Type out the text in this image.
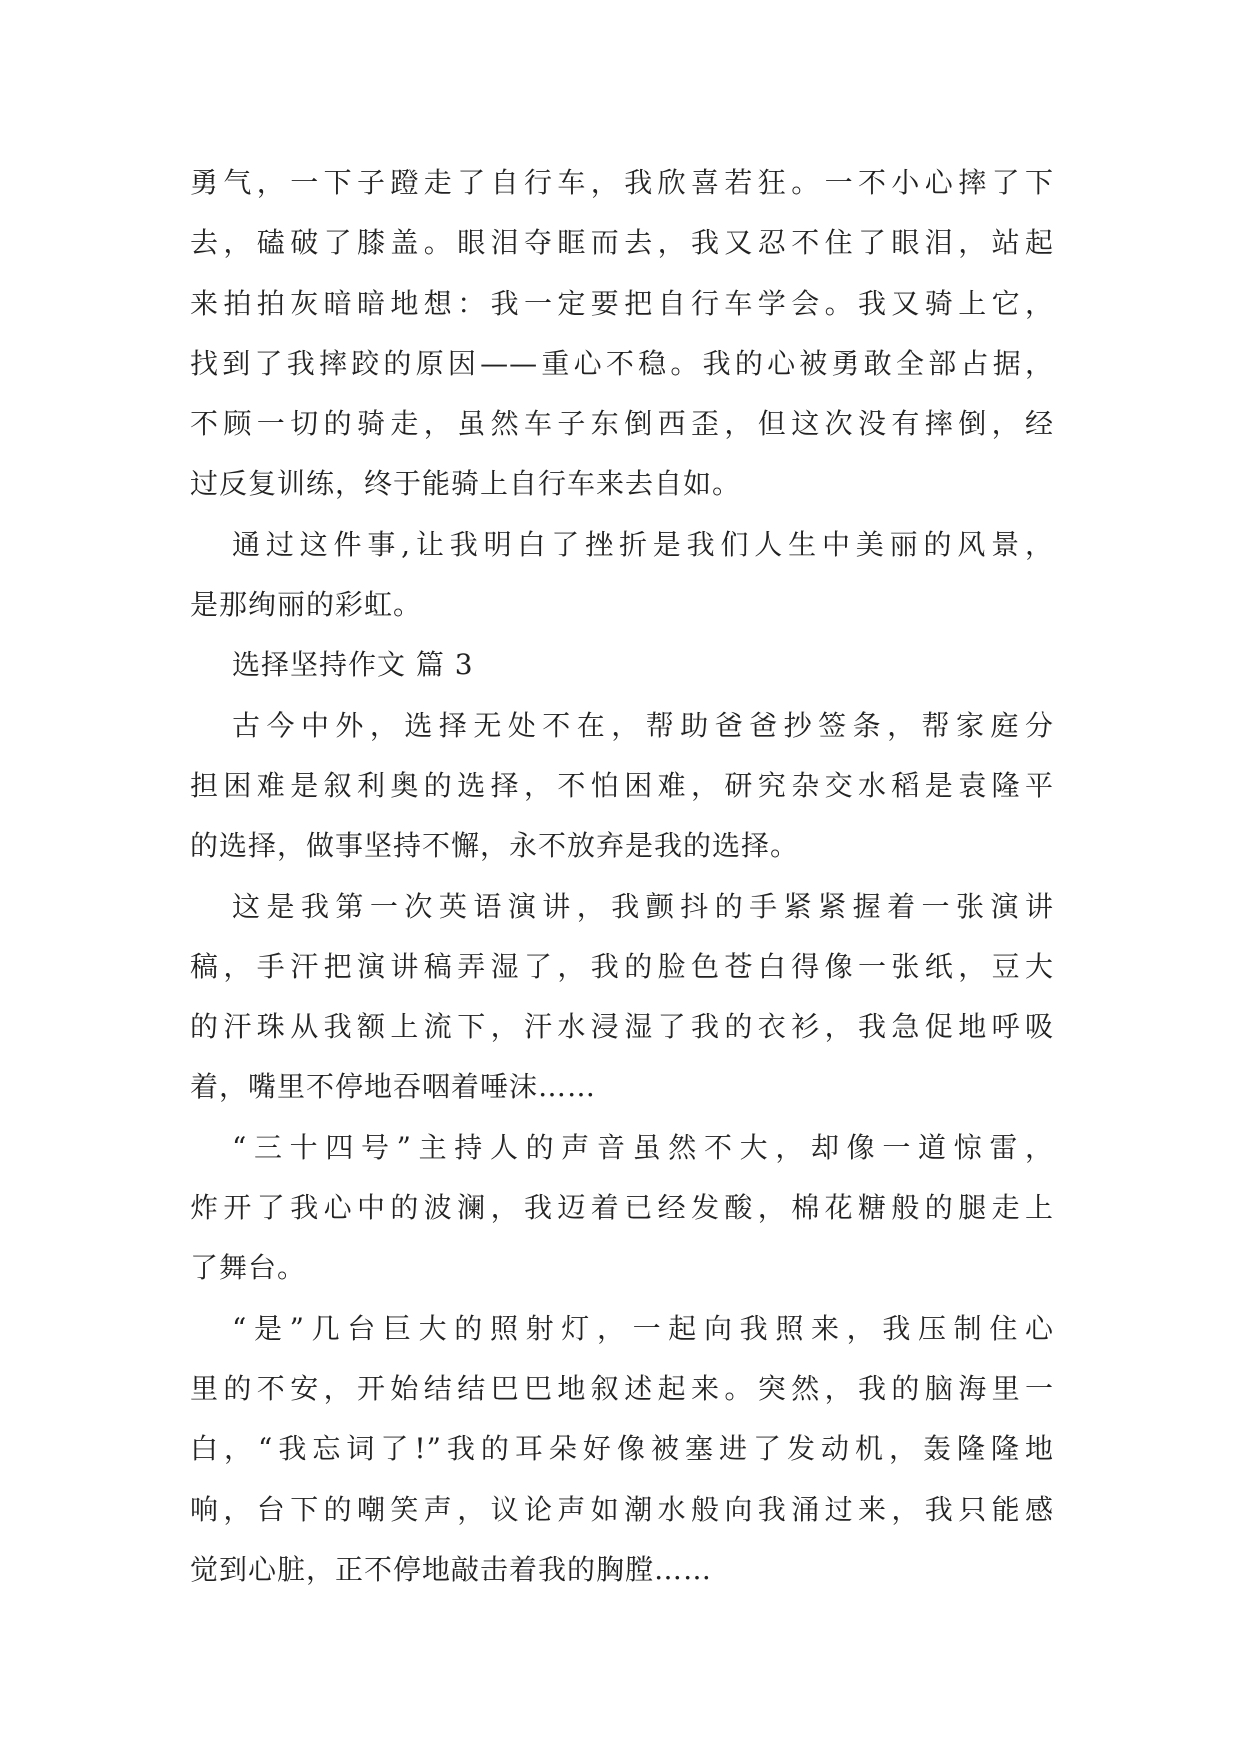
勇气，一下子蹬走了自行车，我欣喜若狂。一不小心摔了下
去，磕破了膝盖。眼泪夺眶而去，我又忍不住了眼泪，站起
来拍拍灰暗暗地想：我一定要把自行车学会。我又骑上它，
找到了我摔跤的原因——重心不稳。我的心被勇敢全部占据，
不顾一切的骑走，虽然车子东倒西歪，但这次没有摔倒，经
过反复训练，终于能骑上自行车来去自如。
通过这件事,让我明白了挫折是我们人生中美丽的风景，
是那绚丽的彩虹。
选择坚持作文 篇 3
古今中外，选择无处不在，帮助爸爸抄签条，帮家庭分
担困难是叙利奥的选择，不怕困难，研究杂交水稻是袁隆平
的选择，做事坚持不懈，永不放弃是我的选择。
这是我第一次英语演讲，我颤抖的手紧紧握着一张演讲
稿，手汗把演讲稿弄湿了，我的脸色苍白得像一张纸，豆大
的汗珠从我额上流下，汗水浸湿了我的衣衫，我急促地呼吸
着，嘴里不停地吞咽着唾沫……
“三十四号”主持人的声音虽然不大，却像一道惊雷，
炸开了我心中的波澜，我迈着已经发酸，棉花糖般的腿走上
了舞台。
“是”几台巨大的照射灯，一起向我照来，我压制住心
里的不安，开始结结巴巴地叙述起来。突然，我的脑海里一
白，“我忘词了!”我的耳朵好像被塞进了发动机，轰隆隆地
响，台下的嘲笑声，议论声如潮水般向我涌过来，我只能感
觉到心脏，正不停地敲击着我的胸膛……
